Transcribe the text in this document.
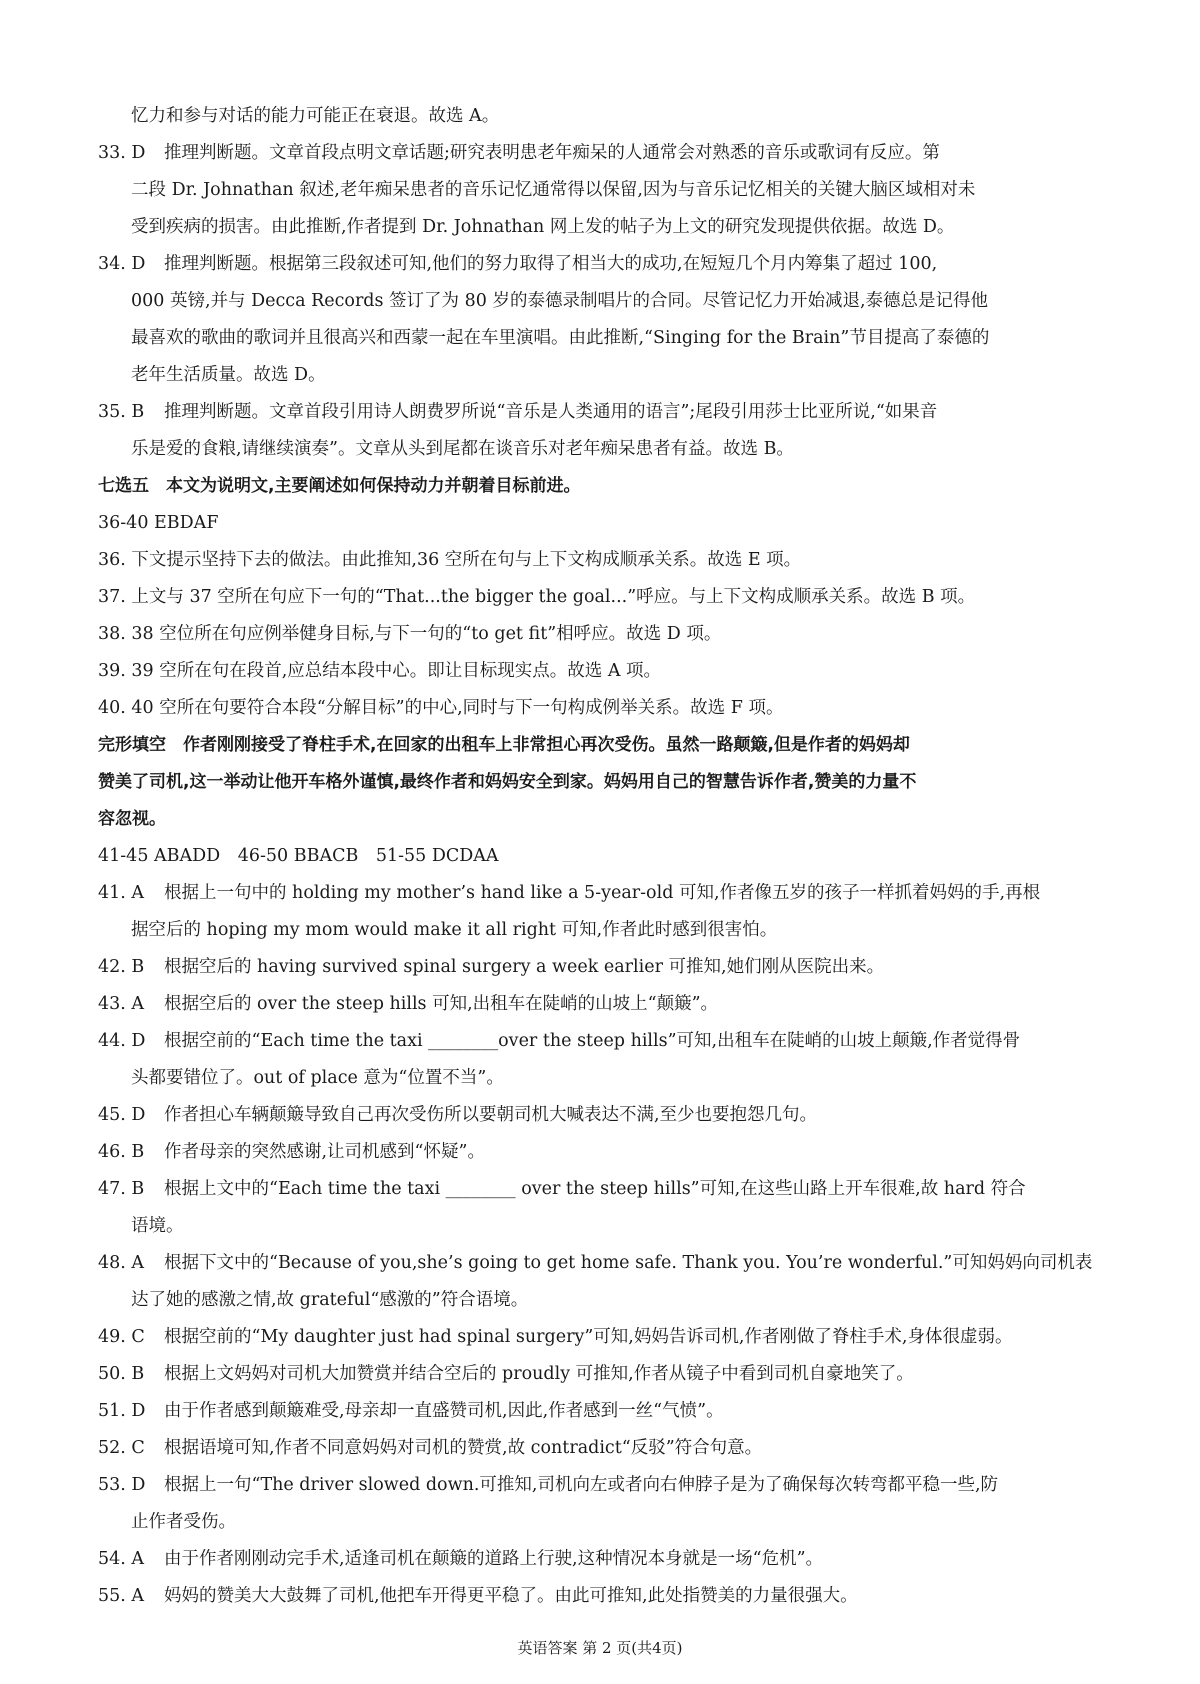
忆力和参与对话的能力可能正在衰退。故选 A。
33. D 推理判断题。文章首段点明文章话题;研究表明患老年痴呆的人通常会对熟悉的音乐或歌词有反应。第
二段 Dr. Johnathan 叙述,老年痴呆患者的音乐记忆通常得以保留,因为与音乐记忆相关的关键大脑区域相对未
受到疾病的损害。由此推断,作者提到 Dr. Johnathan 网上发的帖子为上文的研究发现提供依据。故选 D。
34. D 推理判断题。根据第三段叙述可知,他们的努力取得了相当大的成功,在短短几个月内筹集了超过 100,
000 英镑,并与 Decca Records 签订了为 80 岁的泰德录制唱片的合同。尽管记忆力开始减退,泰德总是记得他
最喜欢的歌曲的歌词并且很高兴和西蒙一起在车里演唱。由此推断,“Singing for the Brain”节目提高了泰德的
老年生活质量。故选 D。
35. B 推理判断题。文章首段引用诗人朗费罗所说“音乐是人类通用的语言”;尾段引用莎士比亚所说,“如果音
乐是爱的食粮,请继续演奏”。文章从头到尾都在谈音乐对老年痴呆患者有益。故选 B。
七选五　本文为说明文,主要阐述如何保持动力并朝着目标前进。
36-40 EBDAF
36. 下文提示坚持下去的做法。由此推知,36 空所在句与上下文构成顺承关系。故选 E 项。
37. 上文与 37 空所在句应下一句的“That...the bigger the goal...”呼应。与上下文构成顺承关系。故选 B 项。
38. 38 空位所在句应例举健身目标,与下一句的“to get fit”相呼应。故选 D 项。
39. 39 空所在句在段首,应总结本段中心。即让目标现实点。故选 A 项。
40. 40 空所在句要符合本段“分解目标”的中心,同时与下一句构成例举关系。故选 F 项。
完形填空　作者刚刚接受了脊柱手术,在回家的出租车上非常担心再次受伤。虽然一路颠簸,但是作者的妈妈却
赞美了司机,这一举动让他开车格外谨慎,最终作者和妈妈安全到家。妈妈用自己的智慧告诉作者,赞美的力量不
容忽视。
41-45 ABADD　46-50 BBACB　51-55 DCDAA
41. A 根据上一句中的 holding my mother’s hand like a 5-year-old 可知,作者像五岁的孩子一样抓着妈妈的手,再根
据空后的 hoping my mom would make it all right 可知,作者此时感到很害怕。
42. B 根据空后的 having survived spinal surgery a week earlier 可推知,她们刚从医院出来。
43. A 根据空后的 over the steep hills 可知,出租车在陡峭的山坡上“颠簸”。
44. D 根据空前的“Each time the taxi ________over the steep hills”可知,出租车在陡峭的山坡上颠簸,作者觉得骨
头都要错位了。out of place 意为“位置不当”。
45. D 作者担心车辆颠簸导致自己再次受伤所以要朝司机大喊表达不满,至少也要抱怨几句。
46. B 作者母亲的突然感谢,让司机感到“怀疑”。
47. B 根据上文中的“Each time the taxi ________ over the steep hills”可知,在这些山路上开车很难,故 hard 符合
语境。
48. A 根据下文中的“Because of you,she’s going to get home safe. Thank you. You’re wonderful.”可知妈妈向司机表
达了她的感激之情,故 grateful“感激的”符合语境。
49. C 根据空前的“My daughter just had spinal surgery”可知,妈妈告诉司机,作者刚做了脊柱手术,身体很虚弱。
50. B 根据上文妈妈对司机大加赞赏并结合空后的 proudly 可推知,作者从镜子中看到司机自豪地笑了。
51. D 由于作者感到颠簸难受,母亲却一直盛赞司机,因此,作者感到一丝“气愤”。
52. C 根据语境可知,作者不同意妈妈对司机的赞赏,故 contradict“反驳”符合句意。
53. D 根据上一句“The driver slowed down.可推知,司机向左或者向右伸脖子是为了确保每次转弯都平稳一些,防
止作者受伤。
54. A 由于作者刚刚动完手术,适逢司机在颠簸的道路上行驶,这种情况本身就是一场“危机”。
55. A 妈妈的赞美大大鼓舞了司机,他把车开得更平稳了。由此可推知,此处指赞美的力量很强大。
英语答案 第 2 页(共4页)
